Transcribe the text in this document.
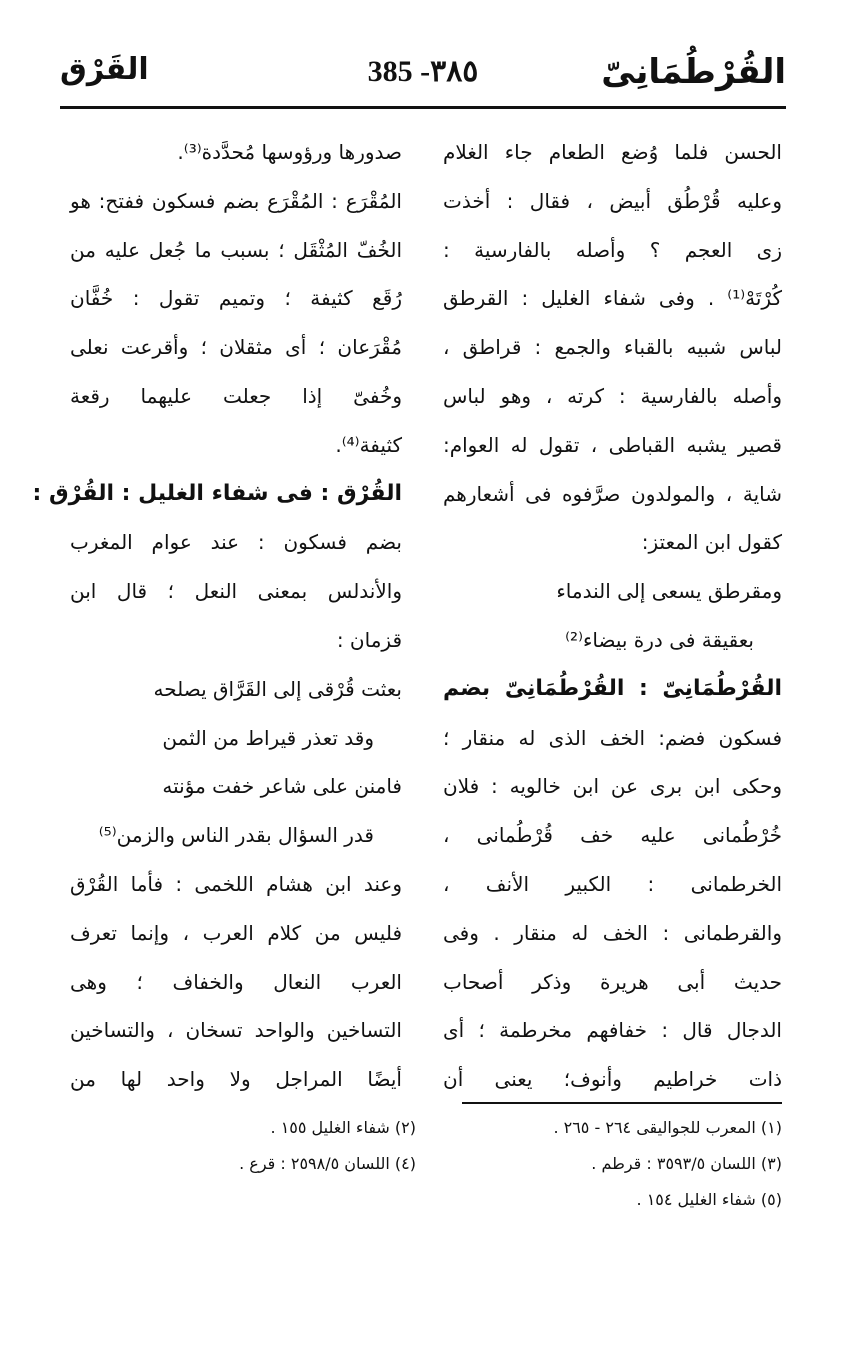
القُرْطُمَانِىّ
385 -٣٨٥
القَرْق
الحسن فلما وُضع الطعام جاء الغلام
وعليه قُرْطُق أبيض ، فقال : أخذت
زى العجم ؟ وأصله بالفارسية :
كُرْتَهْ⁽¹⁾ . وفى شفاء الغليل : القرطق
لباس شبيه بالقباء والجمع : قراطق ،
وأصله بالفارسية : كرته ، وهو لباس
قصير يشبه القباطى ، تقول له العوام:
شاية ، والمولدون صرَّفوه فى أشعارهم
كقول ابن المعتز:
ومقرطق يسعى إلى الندماء
بعقيقة فى درة بيضاء⁽²⁾
القُرْطُمَانِىّ : القُرْطُمَانِىّ بضم
فسكون فضم: الخف الذى له منقار ؛
وحكى ابن برى عن ابن خالويه : فلان
خُرْطُمانى عليه خف قُرْطُمانى ،
الخرطمانى : الكبير الأنف ،
والقرطمانى : الخف له منقار . وفى
حديث أبى هريرة وذكر أصحاب
الدجال قال : خفافهم مخرطمة ؛ أى
ذات خراطيم وأنوف؛ يعنى أن
صدورها ورؤوسها مُحدَّدة⁽³⁾.
المُقْرَع : المُقْرَع بضم فسكون ففتح: هو
الخُفّ المُثْقَل ؛ بسبب ما جُعل عليه من
رُقَع كثيفة ؛ وتميم تقول : خُفَّان
مُقْرَعان ؛ أى مثقلان ؛ وأقرعت نعلى
وخُفىّ إذا جعلت عليهما رقعة
كثيفة⁽⁴⁾.
القُرْق : فى شفاء الغليل : القُرْق :
بضم فسكون : عند عوام المغرب
والأندلس بمعنى النعل ؛ قال ابن
قزمان :
بعثت قُرْقى إلى القَرَّاق يصلحه
وقد تعذر قيراط من الثمن
فامنن على شاعر خفت مؤنته
قدر السؤال بقدر الناس والزمن⁽⁵⁾
وعند ابن هشام اللخمى : فأما القُرْق
فليس من كلام العرب ، وإنما تعرف
العرب النعال والخفاف ؛ وهى
التساخين والواحد تسخان ، والتساخين
أيضًا المراجل ولا واحد لها من
(١) المعرب للجواليقى ٢٦٤ - ٢٦٥ .
(٣) اللسان ٣٥٩٣/٥ : قرطم .
(٥) شفاء الغليل ١٥٤ .
(٢) شفاء الغليل ١٥٥ .
(٤) اللسان ٢٥٩٨/٥ : قرع .
